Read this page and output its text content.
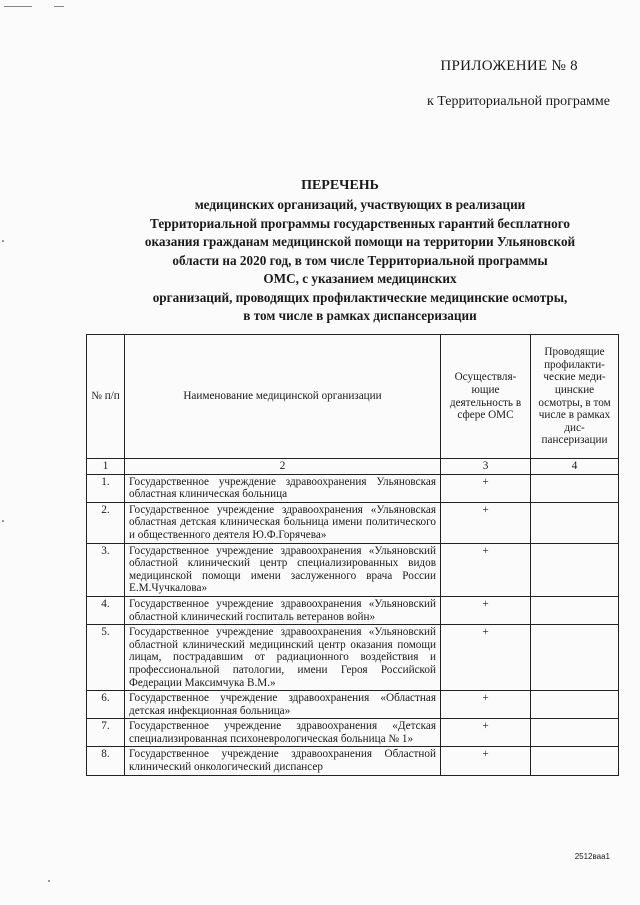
ПРИЛОЖЕНИЕ № 8
к Территориальной программе
ПЕРЕЧЕНЬ
медицинских организаций, участвующих в реализации
Территориальной программы государственных гарантий бесплатного
оказания гражданам медицинской помощи на территории Ульяновской
области на 2020 год, в том числе Территориальной программы
ОМС, с указанием медицинских
организаций, проводящих профилактические медицинские осмотры,
в том числе в рамках диспансеризации
№ п/п	Наименование медицинской организации	Осуществля-ющие деятельность в сфере ОМС	Проводящие профилакти-ческие меди-цинские осмотры, в том числе в рамках дис-пансеризации
1	2	3	4
1.	Государственное учреждение здравоохранения Ульяновская областная клиническая больница	+	
2.	Государственное учреждение здравоохранения «Ульяновская областная детская клиническая больница имени политического и общественного деятеля Ю.Ф.Горячева»	+	
3.	Государственное учреждение здравоохранения «Ульяновский областной клинический центр специализированных видов медицинской помощи имени заслуженного врача России Е.М.Чучкалова»	+	
4.	Государственное учреждение здравоохранения «Ульяновский областной клинический госпиталь ветеранов войн»	+	
5.	Государственное учреждение здравоохранения «Ульяновский областной клинический медицинский центр оказания помощи лицам, пострадавшим от радиационного воздействия и профессиональной патологии, имени Героя Российской Федерации Максимчука В.М.»	+	
6.	Государственное учреждение здравоохранения «Областная детская инфекционная больница»	+	
7.	Государственное учреждение здравоохранения «Детская специализированная психоневрологическая больница № 1»	+	
8.	Государственное учреждение здравоохранения Областной клинический онкологический диспансер	+	
2512ваа1
